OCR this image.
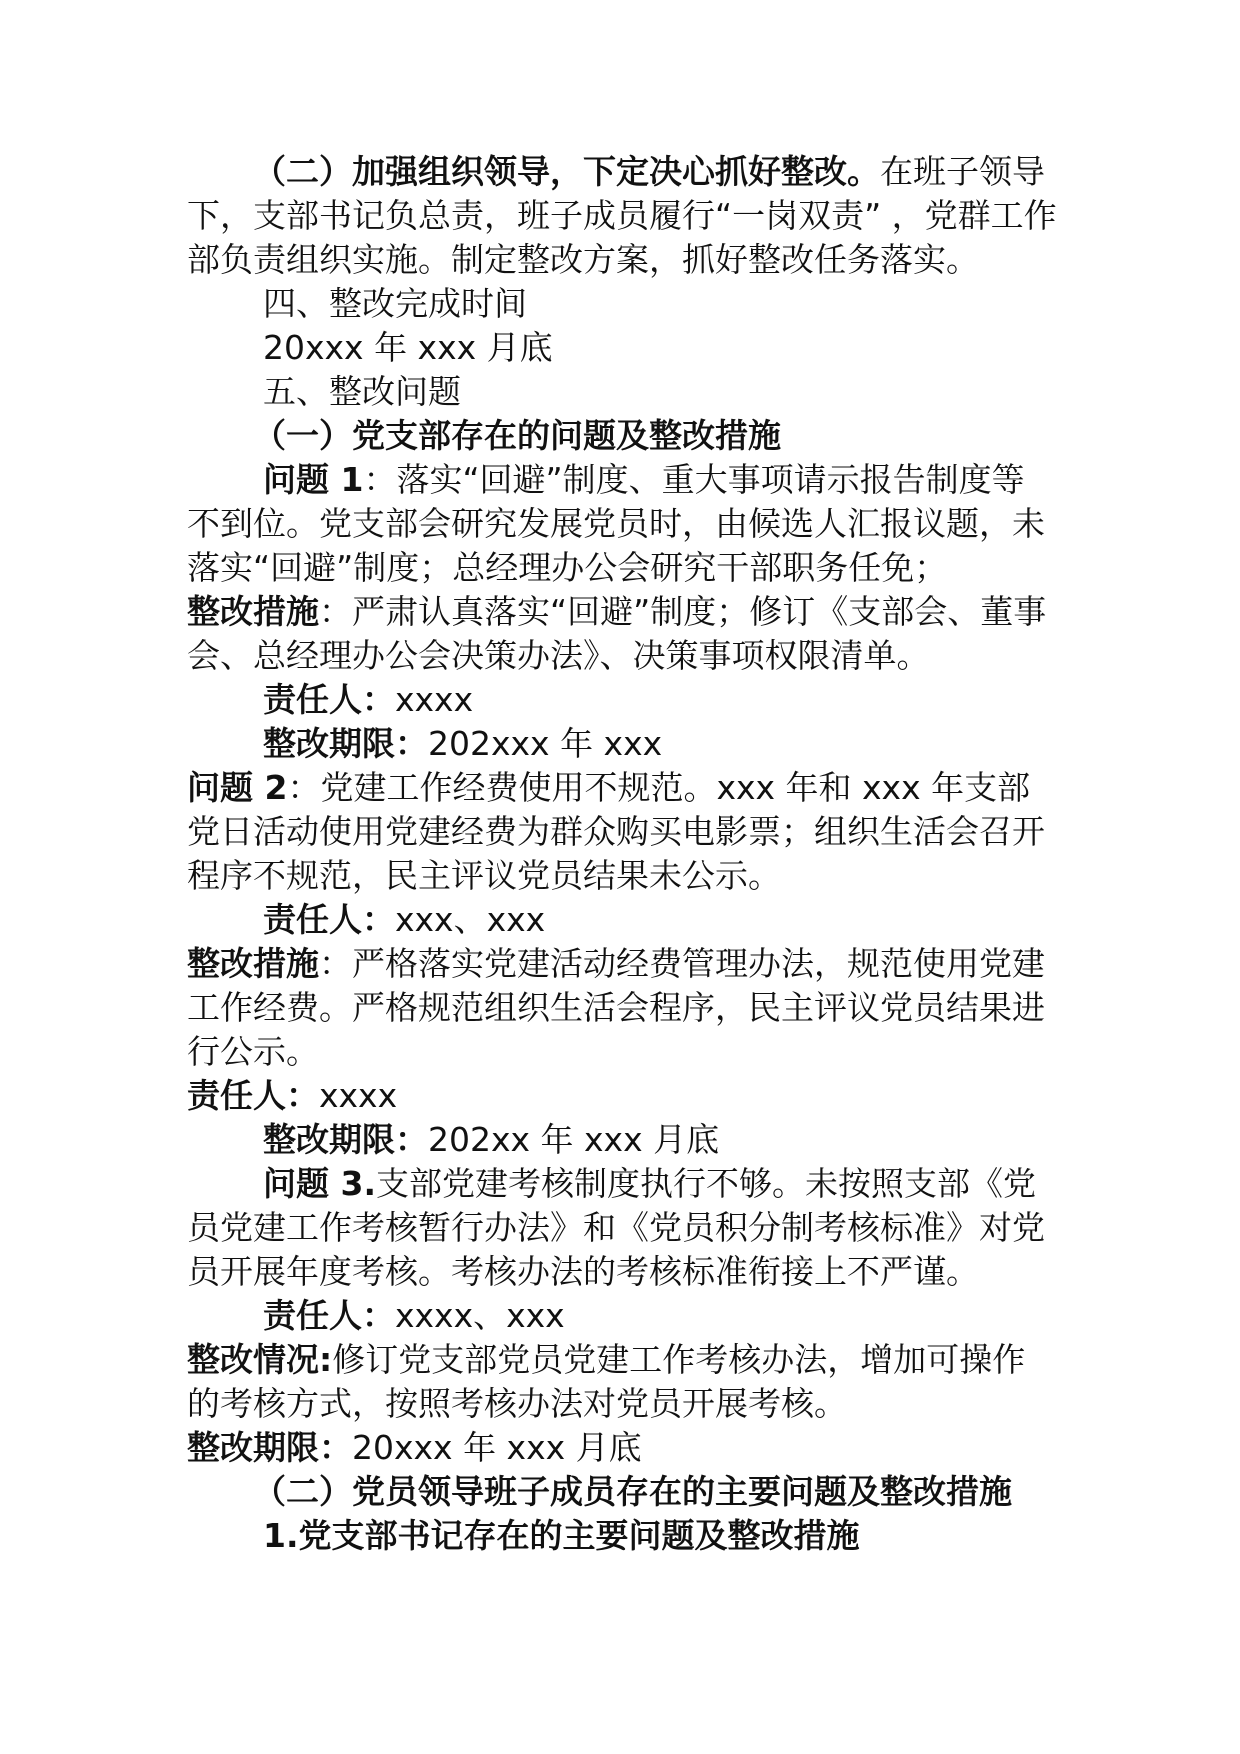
（二）加强组织领导，下定决心抓好整改。在班子领导下，支部书记负总责，班子成员履行“一岗双责” ，党群工作部负责组织实施。制定整改方案，抓好整改任务落实。

四、整改完成时间

20xxx 年 xxx 月底

五、整改问题

（一）党支部存在的问题及整改措施

问题 1：落实“回避”制度、重大事项请示报告制度等不到位。党支部会研究发展党员时，由候选人汇报议题，未落实“回避”制度；总经理办公会研究干部职务任免；

整改措施：严肃认真落实“回避”制度；修订《支部会、董事会、总经理办公会决策办法》、决策事项权限清单。

责任人：xxxx

整改期限：202xxx 年 xxx

问题 2：党建工作经费使用不规范。xxx 年和 xxx 年支部党日活动使用党建经费为群众购买电影票；组织生活会召开程序不规范，民主评议党员结果未公示。

责任人：xxx、xxx

整改措施：严格落实党建活动经费管理办法，规范使用党建工作经费。严格规范组织生活会程序，民主评议党员结果进行公示。

责任人：xxxx

整改期限：202xx 年 xxx 月底

问题 3.支部党建考核制度执行不够。未按照支部《党员党建工作考核暂行办法》和《党员积分制考核标准》对党员开展年度考核。考核办法的考核标准衔接上不严谨。

责任人：xxxx、xxx

整改情况:修订党支部党员党建工作考核办法，增加可操作的考核方式，按照考核办法对党员开展考核。

整改期限：20xxx 年 xxx 月底

（二）党员领导班子成员存在的主要问题及整改措施

1.党支部书记存在的主要问题及整改措施
